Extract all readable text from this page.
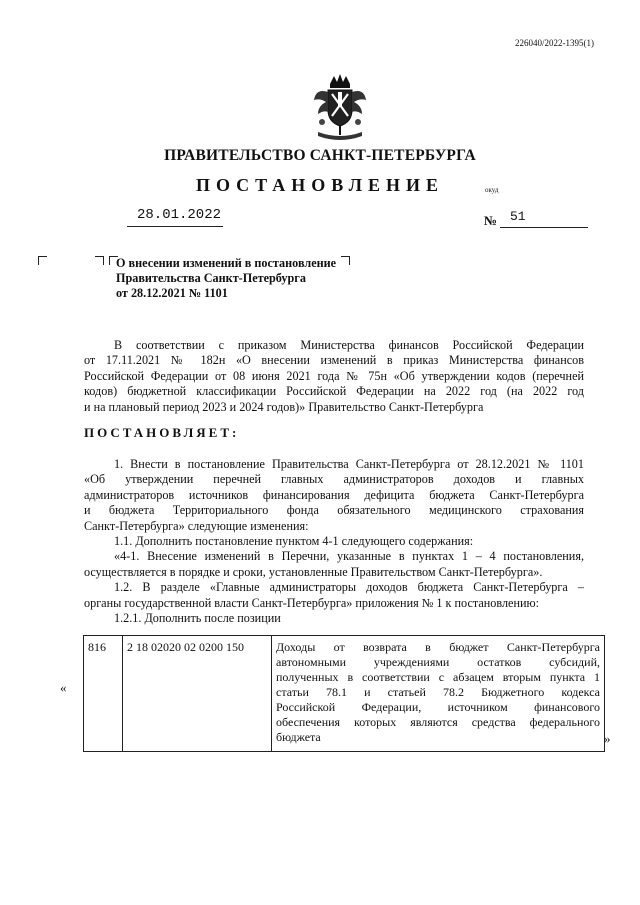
226040/2022-1395(1)
ПРАВИТЕЛЬСТВО САНКТ-ПЕТЕРБУРГА
ПОСТАНОВЛЕНИЕ	окуд
28.01.2022	№ 51
О внесении изменений в постановление
Правительства Санкт-Петербурга
от 28.12.2021 № 1101
В соответствии с приказом Министерства финансов Российской Федерации
от 17.11.2021 № 182н «О внесении изменений в приказ Министерства финансов
Российской Федерации от 08 июня 2021 года № 75н «Об утверждении кодов (перечней
кодов) бюджетной классификации Российской Федерации на 2022 год (на 2022 год
и на плановый период 2023 и 2024 годов)» Правительство Санкт-Петербурга
ПОСТАНОВЛЯЕТ:
1. Внести в постановление Правительства Санкт-Петербурга от 28.12.2021 № 1101
«Об утверждении перечней главных администраторов доходов и главных
администраторов источников финансирования дефицита бюджета Санкт-Петербурга
и бюджета Территориального фонда обязательного медицинского страхования
Санкт-Петербурга» следующие изменения:
1.1. Дополнить постановление пунктом 4-1 следующего содержания:
«4-1. Внесение изменений в Перечни, указанные в пунктах 1 – 4 постановления,
осуществляется в порядке и сроки, установленные Правительством Санкт-Петербурга».
1.2. В разделе «Главные администраторы доходов бюджета Санкт-Петербурга –
органы государственной власти Санкт-Петербурга» приложения № 1 к постановлению:
1.2.1. Дополнить после позиции
«
816	2 18 02020 02 0200 150	Доходы от возврата в бюджет Санкт-Петербурга
автономными учреждениями остатков субсидий,
полученных в соответствии с абзацем вторым пункта 1
статьи 78.1 и статьей 78.2 Бюджетного кодекса
Российской Федерации, источником финансового
обеспечения которых являются средства федерального
бюджета	»
